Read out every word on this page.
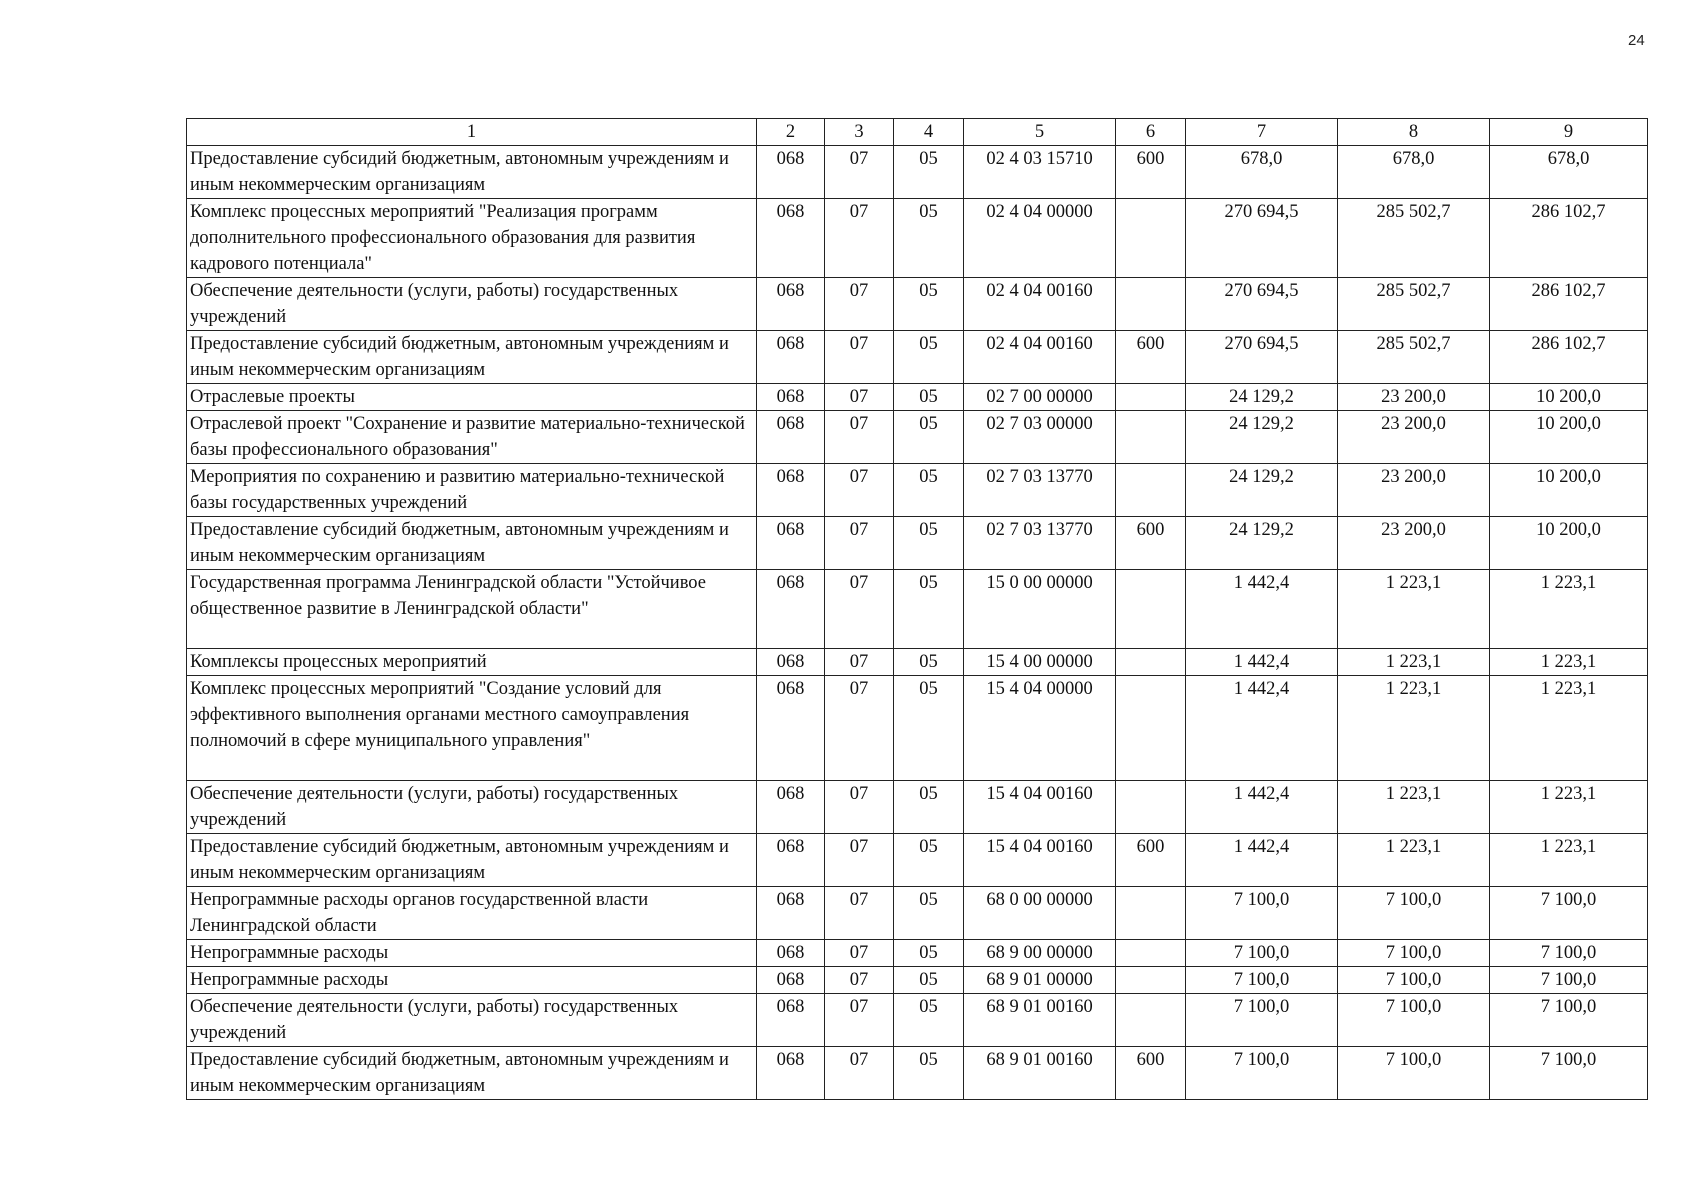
24
1	2	3	4	5	6	7	8	9
Предоставление субсидий бюджетным, автономным учреждениям и иным некоммерческим организациям	068	07	05	02 4 03 15710	600	678,0	678,0	678,0
Комплекс процессных мероприятий "Реализация программ дополнительного профессионального образования для развития кадрового потенциала"	068	07	05	02 4 04 00000		270 694,5	285 502,7	286 102,7
Обеспечение деятельности (услуги, работы) государственных учреждений	068	07	05	02 4 04 00160		270 694,5	285 502,7	286 102,7
Предоставление субсидий бюджетным, автономным учреждениям и иным некоммерческим организациям	068	07	05	02 4 04 00160	600	270 694,5	285 502,7	286 102,7
Отраслевые проекты	068	07	05	02 7 00 00000		24 129,2	23 200,0	10 200,0
Отраслевой проект "Сохранение и развитие материально-технической базы профессионального образования"	068	07	05	02 7 03 00000		24 129,2	23 200,0	10 200,0
Мероприятия по сохранению и развитию материально-технической базы государственных учреждений	068	07	05	02 7 03 13770		24 129,2	23 200,0	10 200,0
Предоставление субсидий бюджетным, автономным учреждениям и иным некоммерческим организациям	068	07	05	02 7 03 13770	600	24 129,2	23 200,0	10 200,0
Государственная программа Ленинградской области "Устойчивое общественное развитие в Ленинградской области"	068	07	05	15 0 00 00000		1 442,4	1 223,1	1 223,1
Комплексы процессных мероприятий	068	07	05	15 4 00 00000		1 442,4	1 223,1	1 223,1
Комплекс процессных мероприятий "Создание условий для эффективного выполнения органами местного самоуправления полномочий в сфере муниципального управления"	068	07	05	15 4 04 00000		1 442,4	1 223,1	1 223,1
Обеспечение деятельности (услуги, работы) государственных учреждений	068	07	05	15 4 04 00160		1 442,4	1 223,1	1 223,1
Предоставление субсидий бюджетным, автономным учреждениям и иным некоммерческим организациям	068	07	05	15 4 04 00160	600	1 442,4	1 223,1	1 223,1
Непрограммные расходы органов государственной власти Ленинградской области	068	07	05	68 0 00 00000		7 100,0	7 100,0	7 100,0
Непрограммные расходы	068	07	05	68 9 00 00000		7 100,0	7 100,0	7 100,0
Непрограммные расходы	068	07	05	68 9 01 00000		7 100,0	7 100,0	7 100,0
Обеспечение деятельности (услуги, работы) государственных учреждений	068	07	05	68 9 01 00160		7 100,0	7 100,0	7 100,0
Предоставление субсидий бюджетным, автономным учреждениям и иным некоммерческим организациям	068	07	05	68 9 01 00160	600	7 100,0	7 100,0	7 100,0
